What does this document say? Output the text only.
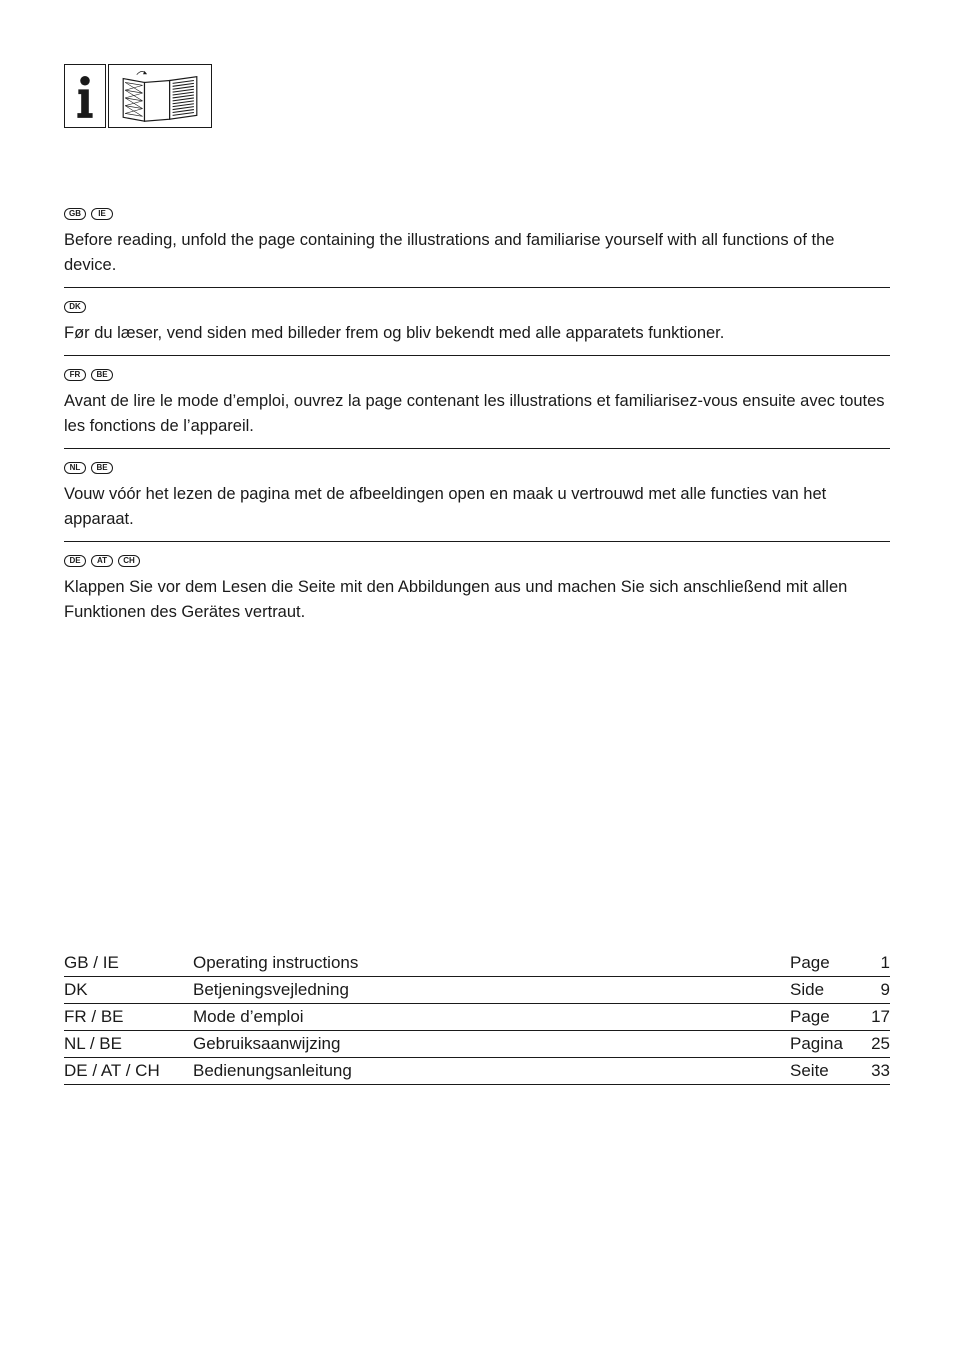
GB	IE

Before reading, unfold the page containing the illustrations and familiarise yourself with all functions of the device.

DK

Før du læser, vend siden med billeder frem og bliv bekendt med alle apparatets funktioner.

FR	BE

Avant de lire le mode d’emploi, ouvrez la page contenant les illustrations et familiarisez-vous ensuite avec toutes les fonctions de l’appareil.

NL	BE

Vouw vóór het lezen de pagina met de afbeeldingen open en maak u vertrouwd met alle functies van het apparaat.

DE	AT	CH

Klappen Sie vor dem Lesen die Seite mit den Abbildungen aus und machen Sie sich anschließend mit allen Funktionen des Gerätes vertraut.

GB / IE	Operating instructions	Page	1
DK	Betjeningsvejledning	Side	9
FR / BE	Mode d’emploi	Page	17
NL / BE	Gebruiksaanwijzing	Pagina	25
DE / AT / CH	Bedienungsanleitung	Seite	33
